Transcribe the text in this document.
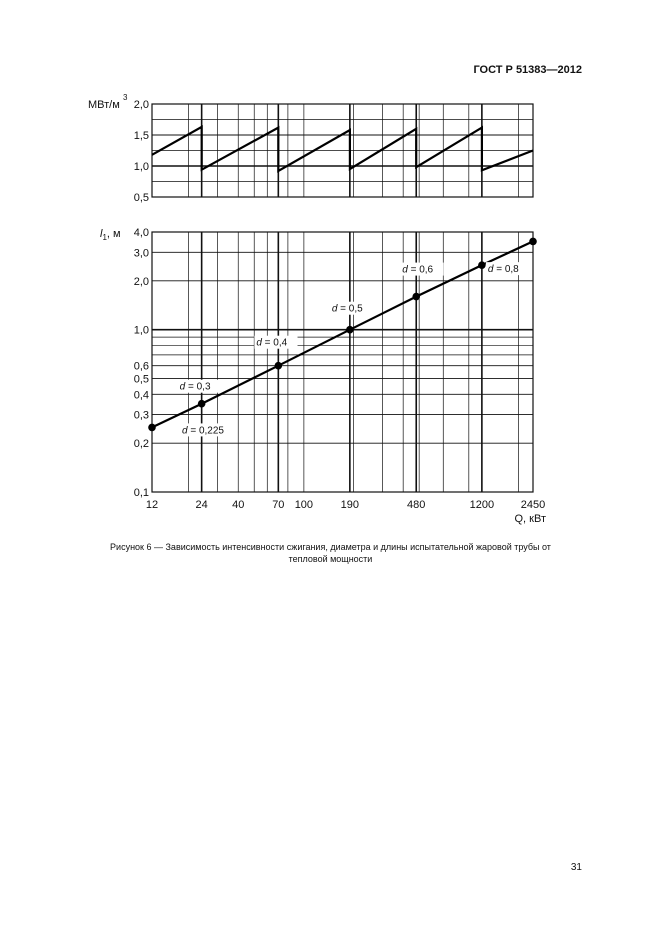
ГОСТ Р 51383—2012
2,0
1,5
1,0
0,5
МВт/м
3
4,0
3,0
2,0
1,0
0,6
0,5
0,4
0,3
0,2
0,1
12	24 40	70 100	190	480	1200 2450
$l_1$, м
Q, кВт
d = 0,225
d = 0,3
d = 0,4
d = 0,5
d = 0,6	d = 0,8
Рисунок 6 — Зависимость интенсивности сжигания, диаметра и длины испытательной жаровой трубы от
тепловой мощности
31
